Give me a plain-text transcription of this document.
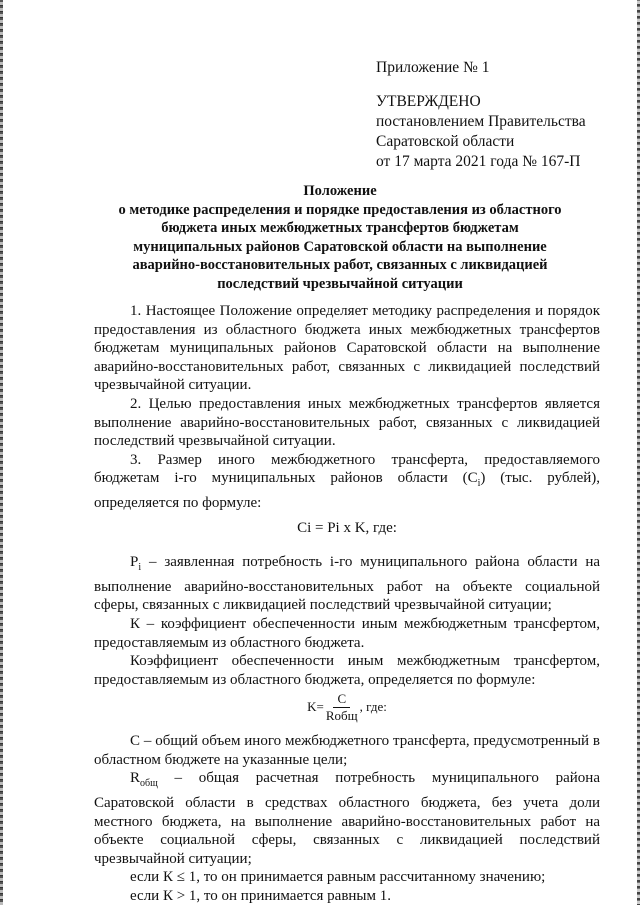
Приложение № 1
УТВЕРЖДЕНО
постановлением Правительства
Саратовской области
от 17 марта 2021 года № 167-П
Положение
о методике распределения и порядке предоставления из областного
бюджета иных межбюджетных трансфертов бюджетам
муниципальных районов Саратовской области на выполнение
аварийно-восстановительных работ, связанных с ликвидацией
последствий чрезвычайной ситуации

1. Настоящее Положение определяет методику распределения и порядок предоставления из областного бюджета иных межбюджетных трансфертов бюджетам муниципальных районов Саратовской области на выполнение аварийно-восстановительных работ, связанных с ликвидацией последствий чрезвычайной ситуации.

2. Целью предоставления иных межбюджетных трансфертов является выполнение аварийно-восстановительных работ, связанных с ликвидацией последствий чрезвычайной ситуации.

3. Размер иного межбюджетного трансферта, предоставляемого бюджетам i-го муниципальных районов области $(C_i)$ (тыс. рублей), определяется по формуле:

Ci = Pi x K, где:

$P_i$ – заявленная потребность i-го муниципального района области на выполнение аварийно-восстановительных работ на объекте социальной сферы, связанных с ликвидацией последствий чрезвычайной ситуации;

К – коэффициент обеспеченности иным межбюджетным трансфертом, предоставляемым из областного бюджета.

Коэффициент обеспеченности иным межбюджетным трансфертом, предоставляемым из областного бюджета, определяется по формуле:

$K= \frac{С}{\text{Rобщ}}$ , где:

С – общий объем иного межбюджетного трансферта, предусмотренный в областном бюджете на указанные цели;

$R_{общ}$ – общая расчетная потребность муниципального района Саратовской области в средствах областного бюджета, без учета доли местного бюджета, на выполнение аварийно-восстановительных работ на объекте социальной сферы, связанных с ликвидацией последствий чрезвычайной ситуации;

если К ≤ 1, то он принимается равным рассчитанному значению;

если К > 1, то он принимается равным 1.
